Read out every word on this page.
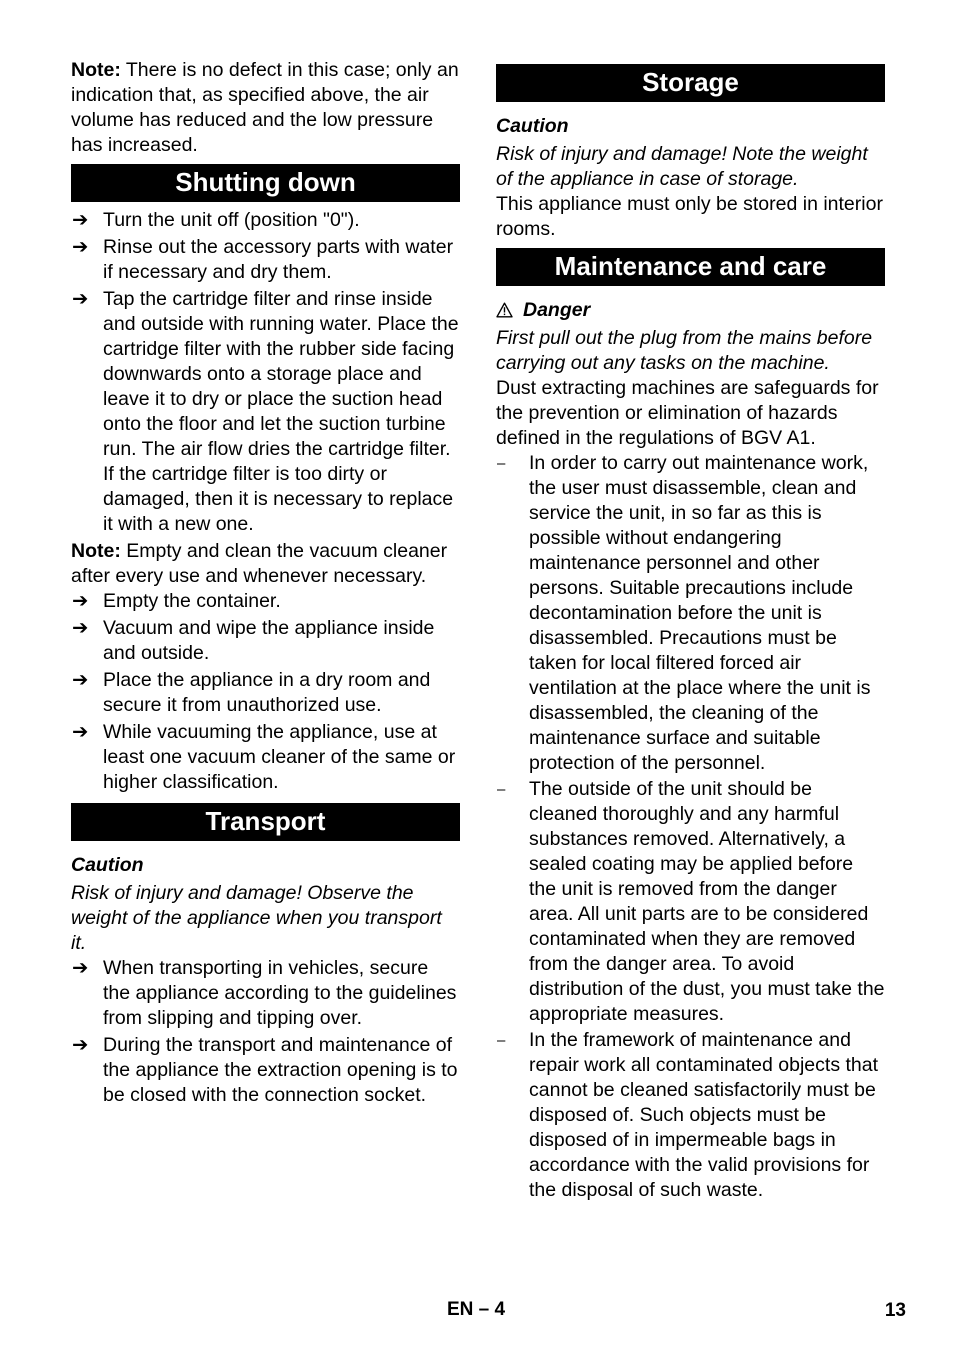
Note: There is no defect in this case; only an indication that, as specified above, the air volume has reduced and the low pressure has increased.

Shutting down
➔ Turn the unit off (position "0").
➔ Rinse out the accessory parts with water if necessary and dry them.
➔ Tap the cartridge filter and rinse inside and outside with running water. Place the cartridge filter with the rubber side facing downwards onto a storage place and leave it to dry or place the suction head onto the floor and let the suction turbine run. The air flow dries the cartridge filter. If the cartridge filter is too dirty or damaged, then it is necessary to replace it with a new one.

Note: Empty and clean the vacuum cleaner after every use and whenever necessary.

➔ Empty the container.
➔ Vacuum and wipe the appliance inside and outside.
➔ Place the appliance in a dry room and secure it from unauthorized use.
➔ While vacuuming the appliance, use at least one vacuum cleaner of the same or higher classification.
Transport

Caution

Risk of injury and damage! Observe the weight of the appliance when you transport it.

➔ When transporting in vehicles, secure the appliance according to the guidelines from slipping and tipping over.
➔ During the transport and maintenance of the appliance the extraction opening is to be closed with the connection socket.
Storage

Caution

Risk of injury and damage! Note the weight of the appliance in case of storage.

This appliance must only be stored in interior rooms.

Maintenance and care

Danger

First pull out the plug from the mains before carrying out any tasks on the machine.

Dust extracting machines are safeguards for the prevention or elimination of hazards defined in the regulations of BGV A1.

– In order to carry out maintenance work, the user must disassemble, clean and service the unit, in so far as this is possible without endangering maintenance personnel and other persons. Suitable precautions include decontamination before the unit is disassembled. Precautions must be taken for local filtered forced air ventilation at the place where the unit is disassembled, the cleaning of the maintenance surface and suitable protection of the personnel.
– The outside of the unit should be cleaned thoroughly and any harmful substances removed. Alternatively, a sealed coating may be applied before the unit is removed from the danger area. All unit parts are to be considered contaminated when they are removed from the danger area. To avoid distribution of the dust, you must take the appropriate measures.
– In the framework of maintenance and repair work all contaminated objects that cannot be cleaned satisfactorily must be disposed of. Such objects must be disposed of in impermeable bags in accordance with the valid provisions for the disposal of such waste.
EN – 4	13
